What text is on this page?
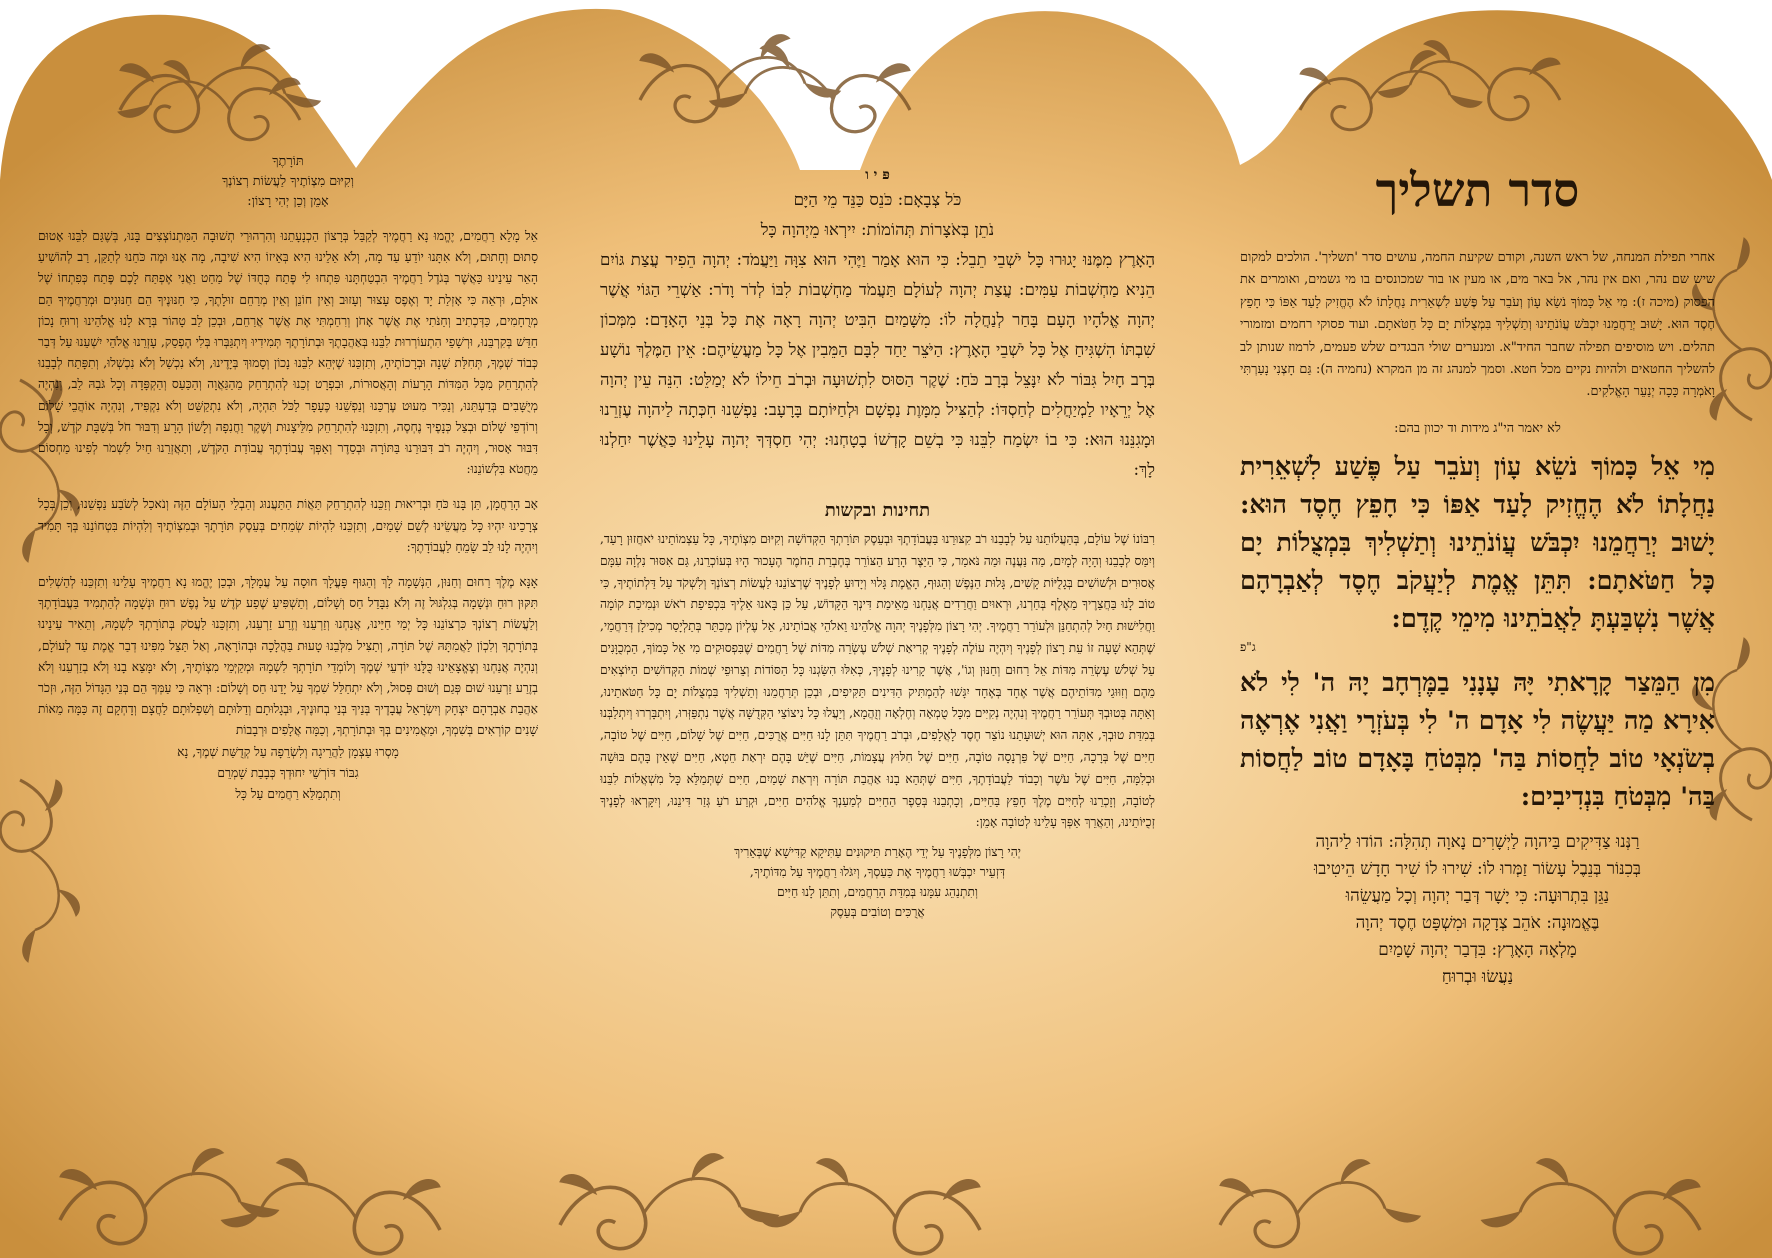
סדר תשליך

אחרי תפילת המנחה, של ראש השנה, וקודם שקיעת החמה, עושים סדר 'תשליך'. הולכים למקום שיש שם נהר, ואם אין נהר, אל באר מים, או מעין או בור שמכונסים בו מי גשמים, ואומרים את הפסוק (מיכה ז): מִי אֵל כָּמוֹךָ נֹשֵׂא עָוֹן וְעֹבֵר עַל פֶּשַׁע לִשְׁאֵרִית נַחֲלָתוֹ לֹא הֶחֱזִיק לָעַד אַפּוֹ כִּי חָפֵץ חֶסֶד הוּא. יָשׁוּב יְרַחֲמֵנוּ יִכְבֹּשׁ עֲוֹנֹתֵינוּ וְתַשְׁלִיךְ בִּמְצֻלוֹת יָם כָּל חַטֹּאתָם. ועוד פסוקי רחמים ומזמורי תהלים. ויש מוסיפים תפילה שחבר החיד"א. ומנערים שולי הבגדים שלש פעמים, לרמוז שנותן לב להשליך החטאים ולהיות נקיים מכל חטא. וסמך למנהג זה מן המקרא (נחמיה ה): גַּם חָצְנִי נָעַרְתִּי וָאֹמְרָה כָּכָה יְנַעֵר הָאֱלֹקִים.

לא יאמר הי"ג מידות וד יכוון בהם:

מִי אֵל כָּמוֹךָ נֹשֵׂא עָוֹן וְעֹבֵר עַל פֶּשַׁע לִשְׁאֵרִית נַחֲלָתוֹ לֹא הֶחֱזִיק לָעַד אַפּוֹ כִּי חָפֵץ חֶסֶד הוּא: יָשׁוּב יְרַחֲמֵנוּ יִכְבֹּשׁ עֲוֹנֹתֵינוּ וְתַשְׁלִיךְ בִּמְצֻלוֹת יָם כָּל חַטֹּאתָם: תִּתֵּן אֱמֶת לְיַעֲקֹב חֶסֶד לְאַבְרָהָם אֲשֶׁר נִשְׁבַּעְתָּ לַאֲבֹתֵינוּ מִימֵי קֶדֶם:

ג"פ

מִן הַמֵּצַר קָרָאתִי יָּהּ עָנָנִי בַמֶּרְחָב יָהּ ה' לִי לֹא אִירָא מַה יַּעֲשֶׂה לִי אָדָם ה' לִי בְּעֹזְרָי וַאֲנִי אֶרְאֶה בְשֹׂנְאָי טוֹב לַחֲסוֹת בַּה' מִבְּטֹחַ בָּאָדָם טוֹב לַחֲסוֹת בַּה' מִבְּטֹחַ בִּנְדִיבִים:

רַנְּנוּ צַדִּיקִים בַּיהוָה לַיְשָׁרִים נָאוָה תְהִלָּה: הוֹדוּ לַיהוָה

בְּכִנּוֹר בְּנֵבֶל עָשׂוֹר זַמְּרוּ לוֹ: שִׁירוּ לוֹ שִׁיר חָדָשׁ הֵיטִיבוּ

נַגֵּן בִּתְרוּעָה: כִּי יָשָׁר דְּבַר יְהוָה וְכָל מַעֲשֵׂהוּ

בֶּאֱמוּנָה: אֹהֵב צְדָקָה וּמִשְׁפָּט חֶסֶד יְהוָה

מָלְאָה הָאָרֶץ: בִּדְבַר יְהוָה שָׁמַיִם

נַעֲשׂוּ וּבְרוּחַ

פּ י ו

כֹּל צְבָאָם: כֹּנֵס כַּנֵּד מֵי הַיָּם

נֹתֵן בְּאֹצָרוֹת תְּהוֹמוֹת: יִירְאוּ מֵיְהוָה כָּל

הָאָרֶץ מִמֶּנּוּ יָגוּרוּ כָּל יֹשְׁבֵי תֵבֵל: כִּי הוּא אָמַר וַיֶּהִי הוּא צִוָּה וַיַּעֲמֹד: יְהוָה הֵפִיר עֲצַת גּוֹיִם הֵנִיא מַחְשְׁבוֹת עַמִּים: עֲצַת יְהוָה לְעוֹלָם תַּעֲמֹד מַחְשְׁבוֹת לִבּוֹ לְדֹר וָדֹר: אַשְׁרֵי הַגּוֹי אֲשֶׁר יְהוָה אֱלֹהָיו הָעָם בָּחַר לְנַחֲלָה לוֹ: מִשָּׁמַיִם הִבִּיט יְהוָה רָאָה אֶת כָּל בְּנֵי הָאָדָם: מִמְּכוֹן שִׁבְתּוֹ הִשְׁגִּיחַ אֶל כָּל יֹשְׁבֵי הָאָרֶץ: הַיֹּצֵר יַחַד לִבָּם הַמֵּבִין אֶל כָּל מַעֲשֵׂיהֶם: אֵין הַמֶּלֶךְ נוֹשָׁע בְּרָב חָיִל גִּבּוֹר לֹא יִנָּצֵל בְּרָב כֹּחַ: שֶׁקֶר הַסּוּס לִתְשׁוּעָה וּבְרֹב חֵילוֹ לֹא יְמַלֵּט: הִנֵּה עֵין יְהוָה אֶל יְרֵאָיו לַמְיַחֲלִים לְחַסְדּוֹ: לְהַצִּיל מִמָּוֶת נַפְשָׁם וּלְחַיּוֹתָם בָּרָעָב: נַפְשֵׁנוּ חִכְּתָה לַיהוָה עֶזְרֵנוּ וּמָגִנֵּנוּ הוּא: כִּי בוֹ יִשְׂמַח לִבֵּנוּ כִּי בְשֵׁם קָדְשׁוֹ בָטָחְנוּ: יְהִי חַסְדְּךָ יְהוָה עָלֵינוּ כַּאֲשֶׁר יִחַלְנוּ לָךְ:

תחינות ובקשות

רִבּוֹנוֹ שֶׁל עוֹלָם, בְּהַעֲלוֹתֵנוּ עַל לְבָבֵנוּ רֹב קִצּוּרֵנוּ בַּעֲבוֹדָתֶךָ וּבְעֵסֶק תּוֹרָתְךָ הַקְּדוֹשָׁה וְקִיּוּם מִצְוֹתֶיךָ, כָּל עַצְמוֹתֵינוּ יֹאחֲזוּן רָעַד, וְיִמַּס לְבָבֵנוּ וְהָיָה לְמָיִם, מַה נַּעֲנֶה וּמַה נֹּאמַר, כִּי הַיֵּצֶר הָרַע הַצּוֹרֵר בְּחֶבְרַת הַחֹמֶר הֶעָכוּר הָיוּ בְּעוֹכְרֵנוּ, גַּם אִסּוּר נִלְוָה עִמָּם אֲסוּרִים וּלְשׁוֹשִׁים בְּגָלֻיּוֹת קָשִׁים, גָּלוּת הַנֶּפֶשׁ וְהַגּוּף, הָאֱמֶת גָּלוּי וְיָדוּעַ לְפָנֶיךָ שֶׁרְצוֹנֵנוּ לַעֲשׂוֹת רְצוֹנְךָ וְלִשְׁקֹד עַל דַּלְתוֹתֶיךָ, כִּי טוֹב לָנוּ בַּחֲצֵרֶיךָ מֵאֶלֶף בְּחַרְנוּ, וּרְאוּיִם וַחֲרֵדִים אֲנַחְנוּ מֵאֵימַת דִּינְךָ הַקָּדוֹשׁ, עַל כֵּן בָּאנוּ אֵלֶיךָ בִּכְפִיפַת רֹאשׁ וּנְמִיכַת קוֹמָה וַחֲלִישׁוּת חַיִל לְהִתְחַנֵּן וּלְעוֹרֵר רַחֲמֶיךָ. יְהִי רָצוֹן מִלְּפָנֶיךָ יְהוָה אֱלֹהֵינוּ וֵאלֹהֵי אֲבוֹתֵינוּ, אֵל עֶלְיוֹן מְכַתֵּר בְּתַלְיָסַר מְכִילָן דְּרַחֲמֵי, שֶׁתְּהֵא שָׁעָה זוֹ עֵת רָצוֹן לְפָנֶיךָ וְיִהְיֶה עוֹלֶה לְפָנֶיךָ קְרִיאַת שְׁלֹשׁ עֶשְׂרֵה מִדּוֹת שֶׁל רַחֲמִים שֶׁבִּפְסוּקִים מִי אֵל כָּמוֹךָ, הַמְכֻוָּנִים עַל שְׁלֹשׁ עֶשְׂרֵה מִדּוֹת אֵל רַחוּם וְחַנּוּן וְגוֹ', אֲשֶׁר קָרִינוּ לְפָנֶיךָ, כְּאִלּוּ הִשַּׂגְנוּ כָּל הַסּוֹדוֹת וְצֵרוּפֵי שְׁמוֹת הַקְּדוֹשִׁים הַיּוֹצְאִים מֵהֶם וְזִוּוּגֵי מִדּוֹתֵיהֶם אֲשֶׁר אֶחָד בְּאֶחָד יִגָּשׁוּ לְהַמְתִּיק הַדִּינִים תַּקִּיפִים, וּבְכֵן תְּרַחֲמֵנוּ וְתַשְׁלִיךְ בִּמְצֻלוֹת יָם כָּל חַטֹּאתֵינוּ, וְאַתָּה בְּטוּבְךָ תְּעוֹרֵר רַחֲמֶיךָ וְנִהְיֶה נְקִיִּים מִכָּל טֻמְאָה וְחֶלְאָה וְזֻהֲמָא, וְיַעֲלוּ כָּל נִיצוֹצֵי הַקְּדֻשָּׁה אֲשֶׁר נִתְפַּזְּרוּ, וְיִתְבָּרְרוּ וְיִתְלַבְּנוּ בְּמִדַּת טוּבְךָ, אַתָּה הוּא יְשׁוּעָתֵנוּ נוֹצֵר חֶסֶד לָאֲלָפִים, וּבְרֹב רַחֲמֶיךָ תִּתֵּן לָנוּ חַיִּים אֲרֻכִּים, חַיִּים שֶׁל שָׁלוֹם, חַיִּים שֶׁל טוֹבָה, חַיִּים שֶׁל בְּרָכָה, חַיִּים שֶׁל פַּרְנָסָה טוֹבָה, חַיִּים שֶׁל חִלּוּץ עֲצָמוֹת, חַיִּים שֶׁיֵּשׁ בָּהֶם יִרְאַת חֵטְא, חַיִּים שֶׁאֵין בָּהֶם בּוּשָׁה וּכְלִמָּה, חַיִּים שֶׁל עֹשֶׁר וְכָבוֹד לַעֲבוֹדָתֶךָ, חַיִּים שֶׁתְּהֵא בָנוּ אַהֲבַת תּוֹרָה וְיִרְאַת שָׁמַיִם, חַיִּים שֶׁתְּמַלֵּא כָּל מִשְׁאֲלוֹת לִבֵּנוּ לְטוֹבָה, וְזָכְרֵנוּ לְחַיִּים מֶלֶךְ חָפֵץ בַּחַיִּים, וְכָתְבֵנוּ בְּסֵפֶר הַחַיִּים לְמַעַנְךָ אֱלֹהִים חַיִּים, וּקְרַע רֹעַ גְּזַר דִּינֵנוּ, וְיִקָּרְאוּ לְפָנֶיךָ זְכֻיּוֹתֵינוּ, וְהַאֲרֵךְ אַפְּךָ עָלֵינוּ לְטוֹבָה אָמֵן:

יְהִי רָצוֹן מִלְּפָנֶיךָ עַל יְדֵי הֶאָרַת תִּיקוּנִים עַתִּיקָא קַדִּישָׁא שֶׁבְּאֵרִיךְ

דְּזְעֵיר יִכְבְּשׁוּ רַחֲמֶיךָ אֶת כַּעַסְךָ, וְיִגֹּלוּ רַחֲמֶיךָ עַל מִדּוֹתֶיךָ,

וְתִתְנַהֵג עִמָּנוּ בְּמִדַּת הָרַחֲמִים, וְתִתֵּן לָנוּ חַיִּים

אֲרֻכִּים וְטוֹבִים בְּעֵסֶק

תּוֹרָתֶךָ

וְקִיּוּם מִצְוֹתֶיךָ לַעֲשׂוֹת רְצוֹנְךָ

אָמֵן וְכֵן יְהִי רָצוֹן:

אֵל מָלֵא רַחֲמִים, יֶהֱמוּ נָא רַחֲמֶיךָ לְקַבֵּל בְּרָצוֹן הַכְנָעָתֵנוּ וְהִרְהוּרֵי תְשׁוּבָה הַמִּתְנוֹצְצִים בָּנוּ, בְּשֶׁגַּם לִבֵּנוּ אָטוּם סָתוּם וְחָתוּם, וְלֹא אִתָּנוּ יוֹדֵעַ עַד מָה, וְלֹא אֵלֵינוּ הִיא בְּאֵיזוֹ הִיא שִׁיבָה, מָה אָנוּ וּמֶה כֹּחֵנוּ לְתַקֵּן, רַב לְהוֹשִׁיעַ הָאֵר עֵינֵינוּ כַּאֲשֶׁר בְּגֹדֶל רַחֲמֶיךָ הִבְטַחְתָּנוּ פִּתְחוּ לִי פֶּתַח כְּחֻדּוֹ שֶׁל מַחַט וַאֲנִי אֶפְתַּח לָכֶם פֶּתַח כְּפִתְחוֹ שֶׁל אוּלָם, וּרְאֵה כִּי אָזְלַת יָד וְאֶפֶס עָצוּר וְעָזוּב וְאֵין חוֹנֵן וְאֵין מְרַחֵם זוּלָתֶךָ, כִּי חַנּוּנֶיךָ הֵם חַנּוּנִים וּמְרַחֲמֶיךָ הֵם מְרֻחָמִים, כַּדְּכְתִיב וְחַנֹּתִי אֶת אֲשֶׁר אָחֹן וְרִחַמְתִּי אֶת אֲשֶׁר אֲרַחֵם, וּבְכֵן לֵב טָהוֹר בְּרָא לָנוּ אֱלֹהֵינוּ וְרוּחַ נָכוֹן חַדֵּשׁ בְּקִרְבֵּנוּ, וּרְשָׁפֵי הִתְעוֹרְרוּת לִבֵּנוּ בְּאַהֲבָתֶךָ וּבְתוֹרָתֶךָ תְּמִידִיוּ וְיִתְגַּבְּרוּ בְּלִי הֶפְסֵק, עָזְרֵנוּ אֱלֹהֵי יִשְׁעֵנוּ עַל דְּבַר כְּבוֹד שְׁמֶךָ, תְּחִלַּת שָׁנָה וּבְרָכוֹתֶיהָ, וְתִזְכֵּנוּ שֶׁיְּהֵא לִבֵּנוּ נָכוֹן וְסָמוּךְ בְּיָדֶינוּ, וְלֹא נִכְשַׁל וְלֹא נִכְשְׁלוּ, וְתִפָּתַח לְבָבֵנוּ לְהִתְרַחֵק מִכָּל הַמִּדּוֹת הָרָעוֹת וְהָאֲסוּרוֹת, וּבִפְרָט זְכֵנוּ לְהִתְרַחֵק מֵהַגַּאֲוָה וְהַכַּעַס וְהַקְפָּדָה וְכָל גֹּבַהּ לֵב, וְנִהְיֶה מְיֻשָּׁבִים בְּדַעְתֵּנוּ, וְנַכִּיר מִעוּט עֶרְכֵּנוּ וְנַפְשֵׁנוּ כֶּעָפָר לַכֹּל תִּהְיֶה, וְלֹא נִתְקַשֵּׁט וְלֹא נִקְפִּיד, וְנִהְיֶה אוֹהֲבֵי שָׁלוֹם וְרוֹדְפֵי שָׁלוֹם וּבְצַל כְּנָפֶיךָ נֶחְסֶה, וְתִזְכֵּנוּ לְהִתְרַחֵק מִלֵּיצָנוּת וְשֶׁקֶר וַחֲנִפָה וְלָשׁוֹן הָרָע וְדִבּוּר חֹל בְּשַׁבָּת קֹדֶשׁ, וְכָל דִּבּוּר אָסוּר, וְיִהְיֶה רֹב דִּבּוּרֵנוּ בַּתּוֹרָה וּבְסֵדֶר וְאַפְּךָ עֲבוֹדָתֶךָ עֲבוֹדַת הַקֹּדֶשׁ, וְתַאֲזְרֵנוּ חַיִל לִשְׁמֹר לְפִינוּ מַחְסוֹם מֵחֲטֹא בִּלְשׁוֹנֵנוּ:

אָב הָרַחֲמָן, תֵּן בָּנוּ כֹּחַ וּבְרִיאוּת וְזַכֵּנוּ לְהִתְרַחֵק תַּאֲוֹת הַתַּעֲנוּג וְהַבְלֵי הָעוֹלָם הַזֶּה וְנֹאכַל לְשֹׂבַע נַפְשֵׁנוּ, וְכֵן בְּכָל צְרָכֵינוּ יִהְיוּ כָּל מַעֲשֵׂינוּ לְשֵׁם שָׁמַיִם, וְתִזְכֵּנוּ לִהְיוֹת שְׂמֵחִים בְּעֵסֶק תּוֹרָתֶךָ וּבְמִצְוֹתֶיךָ וְלִהְיוֹת בִּטְחוֹנֵנוּ בְּךָ תָּמִיד וְיִהְיֶה לָנוּ לֵב שָׂמֵחַ לַעֲבוֹדָתֶךָ:

אָנָּא מֶלֶךְ רַחוּם וְחַנּוּן, הַנְּשָׁמָה לָךְ וְהַגּוּף פָּעֳלָךְ חוּסָה עַל עֲמָלָךְ, וּבְכֵן יֶהֱמוּ נָא רַחֲמֶיךָ עָלֵינוּ וְתִזְכֵּנוּ לְהַשְׁלִים תִּקּוּן רוּחַ וּנְשָׁמָה בְּגִלְגּוּל זֶה וְלֹא נִבָּדֵל חַס וְשָׁלוֹם, וְתַשְׁפִּיעַ שֶׁפַע קֹדֶשׁ עַל נֶפֶשׁ רוּחַ וּנְשָׁמָה לְהַתְמִיד בַּעֲבוֹדָתֶךָ וְלַעֲשׂוֹת רְצוֹנְךָ כִּרְצוֹנֵנוּ כָּל יְמֵי חַיֵּינוּ, אֲנַחְנוּ וְזַרְעֵנוּ וְזֶרַע זַרְעֵנוּ, וְתִזְכֵּנוּ לַעֲסֹק בְּתוֹרָתְךָ לִשְׁמָהּ, וְתֵאִיר עֵינֵינוּ בְּתוֹרָתֶךָ וְלִכְוֹן לַאֲמִתָּהּ שֶׁל תּוֹרָה, וְתַצִּיל מִלְּבֵנוּ טָעוּת בַּהֲלָכָה וּבְהוֹרָאָה, וְאַל תַּצֵּל מִפִּינוּ דְבַר אֱמֶת עַד לְעוֹלָם, וְנִהְיֶה אֲנַחְנוּ וְצֶאֱצָאֵינוּ כֻּלָּנוּ יוֹדְעֵי שְׁמֶךָ וְלוֹמְדֵי תוֹרָתְךָ לִשְׁמָהּ וּמְקַיְּמֵי מִצְוֹתֶיךָ, וְלֹא יִמָּצֵא בָנוּ וְלֹא בְזַרְעֵנוּ וְלֹא בְזֶרַע זַרְעֵנוּ שׁוּם פְּגַם וְשׁוּם פְּסוּל, וְלֹא יִתְחַלֵּל שִׁמְךָ עַל יָדֵנוּ חַס וְשָׁלוֹם: וּרְאֵה כִּי עַמְּךָ הֵם בְּנֵי הַגָּדוֹל הַזֶּה, וּזְכֹר אַהֲבַת אַבְרָהָם יִצְחָק וְיִשְׂרָאֵל עֲבָדֶיךָ בְּנֵיךָ בְּנֵי בְחוּנֶיךָ, וּבְגָלוּתָם וְדַלּוּתָם וְשִׁפְלוּתָם לַחֲצָם וְדָחְקָם זֶה כַּמָּה מֵאוֹת שָׁנִים קוֹרְאִים בְּשִׁמְךָ, וּמַאֲמִינִים בְּךָ וּבְתוֹרָתְךָ, וְכַמָּה אֲלָפִים וּרְבָבוֹת

מָסְרוּ עַצְמָן לַהֲרֵיגָה וְלִשְׂרֵפָה עַל קְדֻשַּׁת שְׁמֶךָ, נָא

גִבּוֹר דּוֹרְשֵׁי יִחוּדְךָ כְּבָבַת שָׁמְרֵם

וְתִתְמַלֵּא רַחֲמִים עַל כָּל
